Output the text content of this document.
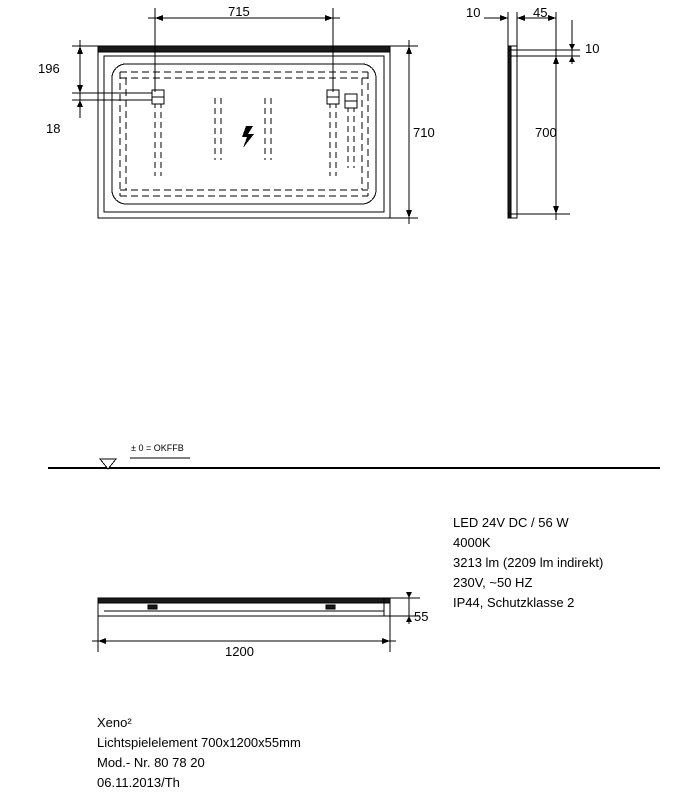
715
710
196
18
10	45
10
700
± 0 = OKFFB
55
1200
LED 24V DC / 56 W
4000K
3213 lm (2209 lm indirekt)
230V, ~50 HZ
IP44, Schutzklasse 2
Xeno²
Lichtspielelement 700x1200x55mm
Mod.- Nr. 80 78 20
06.11.2013/Th
